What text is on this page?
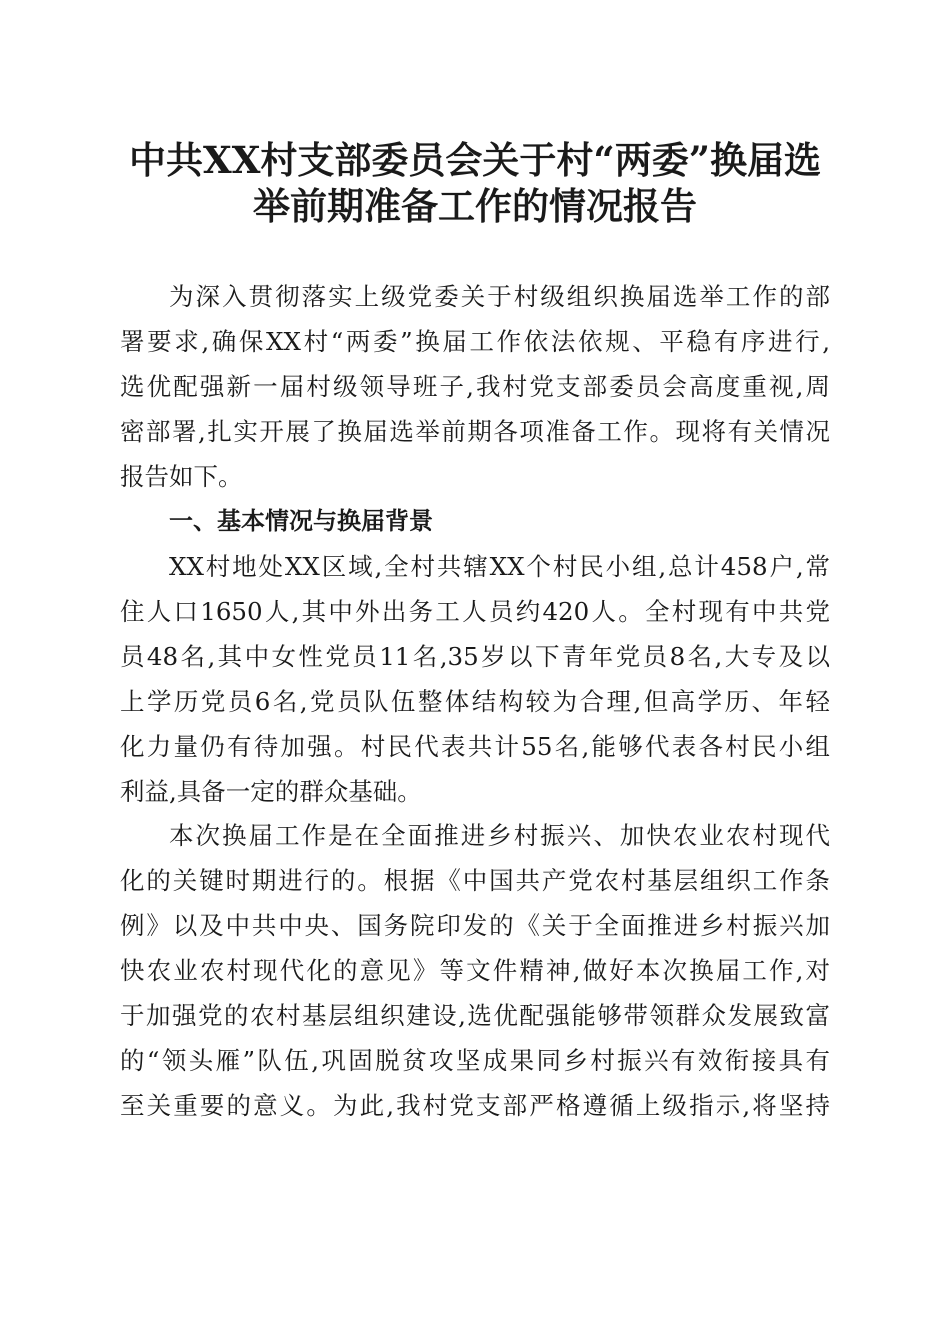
中共XX村支部委员会关于村“两委”换届选
举前期准备工作的情况报告

为深入贯彻落实上级党委关于村级组织换届选举工作的部

署要求,确保XX村“两委”换届工作依法依规、平稳有序进行,

选优配强新一届村级领导班子,我村党支部委员会高度重视,周

密部署,扎实开展了换届选举前期各项准备工作。现将有关情况

报告如下。

一、基本情况与换届背景

XX村地处XX区域,全村共辖XX个村民小组,总计458户,常

住人口1650人,其中外出务工人员约420人。全村现有中共党

员48名,其中女性党员11名,35岁以下青年党员8名,大专及以

上学历党员6名,党员队伍整体结构较为合理,但高学历、年轻

化力量仍有待加强。村民代表共计55名,能够代表各村民小组

利益,具备一定的群众基础。

本次换届工作是在全面推进乡村振兴、加快农业农村现代

化的关键时期进行的。根据《中国共产党农村基层组织工作条

例》以及中共中央、国务院印发的《关于全面推进乡村振兴加

快农业农村现代化的意见》等文件精神,做好本次换届工作,对

于加强党的农村基层组织建设,选优配强能够带领群众发展致富

的“领头雁”队伍,巩固脱贫攻坚成果同乡村振兴有效衔接具有

至关重要的意义。为此,我村党支部严格遵循上级指示,将坚持
